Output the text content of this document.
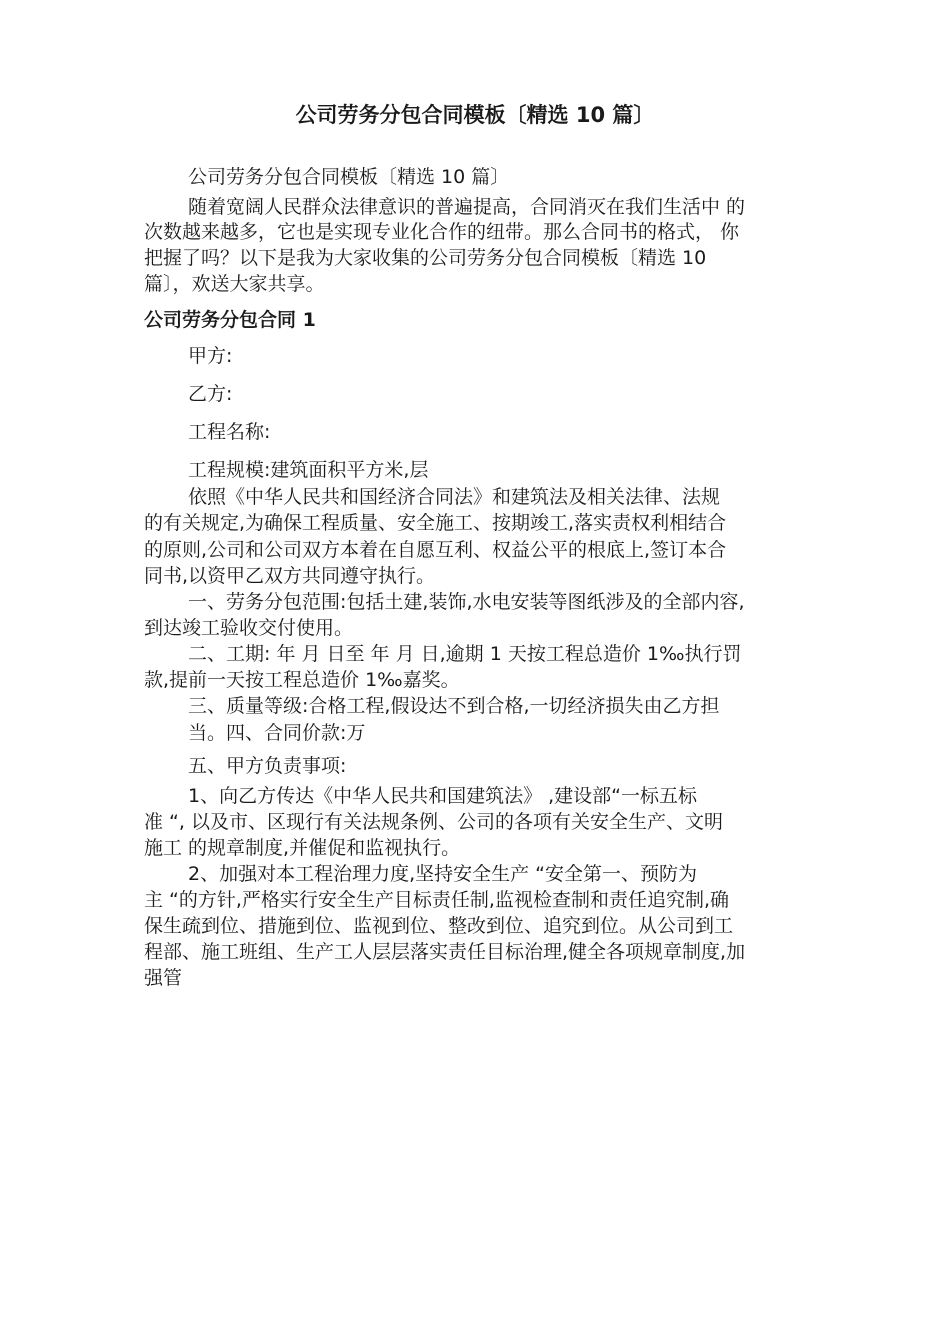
公司劳务分包合同模板〔精选 10 篇〕
公司劳务分包合同模板〔精选 10 篇〕
随着宽阔人民群众法律意识的普遍提高，合同消灭在我们生活中 的
次数越来越多，它也是实现专业化合作的纽带。那么合同书的格式， 你
把握了吗？以下是我为大家收集的公司劳务分包合同模板〔精选 10
篇〕，欢送大家共享。
公司劳务分包合同 1
甲方:
乙方:
工程名称:
工程规模:建筑面积平方米,层
依照《中华人民共和国经济合同法》和建筑法及相关法律、法规
的有关规定,为确保工程质量、安全施工、按期竣工,落实责权利相结合
的原则,公司和公司双方本着在自愿互利、权益公平的根底上,签订本合
同书,以资甲乙双方共同遵守执行。
一、劳务分包范围:包括土建,装饰,水电安装等图纸涉及的全部内容,
到达竣工验收交付使用。
二、工期: 年 月 日至 年 月 日,逾期 1 天按工程总造价 1‰执行罚
款,提前一天按工程总造价 1‰嘉奖。
三、质量等级:合格工程,假设达不到合格,一切经济损失由乙方担
当。四、合同价款:万
五、甲方负责事项:
1、向乙方传达《中华人民共和国建筑法》 ,建设部“一标五标
准 “, 以及市、区现行有关法规条例、公司的各项有关安全生产、文明
施工 的规章制度,并催促和监视执行。
2、加强对本工程治理力度,坚持安全生产 “安全第一、预防为
主 “的方针,严格实行安全生产目标责任制,监视检查制和责任追究制,确
保生疏到位、措施到位、监视到位、整改到位、追究到位。从公司到工
程部、施工班组、生产工人层层落实责任目标治理,健全各项规章制度,加
强管
